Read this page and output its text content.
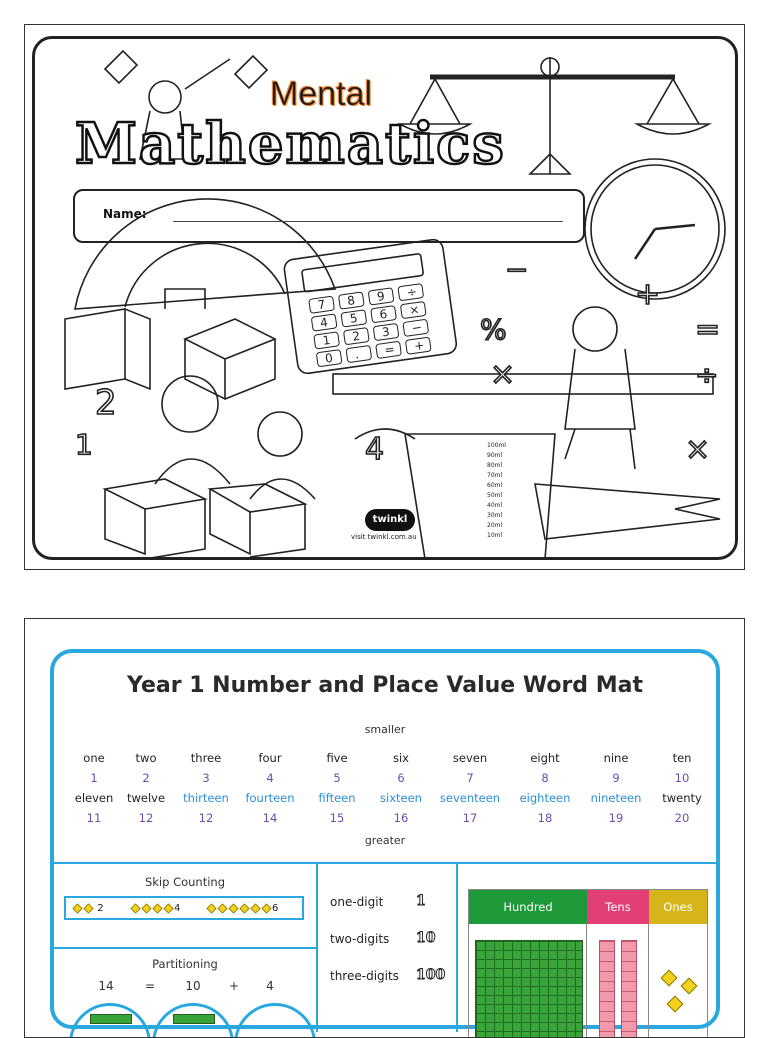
2
1	4
−
%
+
=
÷
×
×
100ml
90ml
80ml
70ml
60ml
50ml
40ml
30ml
20ml
10ml
7 8 9 ÷
4 5 6 ×
1 2 3 −
0 . = +
Mental
Mathematics
Name:
twinkl
visit twinkl.com.au
Year 1 Number and Place Value Word Mat
smaller
one	two	three	four	five	six	seven	eight	nine	ten
1	2	3	4	5	6	7	8	9	10
eleven twelve thirteen fourteen fifteen sixteen seventeen eighteen nineteen twenty
11	12	12	14	15	16	17	18	19	20
greater
Skip Counting
2	4	6
Partitioning
14	=	10 + 4
one-digit 1
two-digits 10
three-digits 100
Hundred	Tens	Ones
